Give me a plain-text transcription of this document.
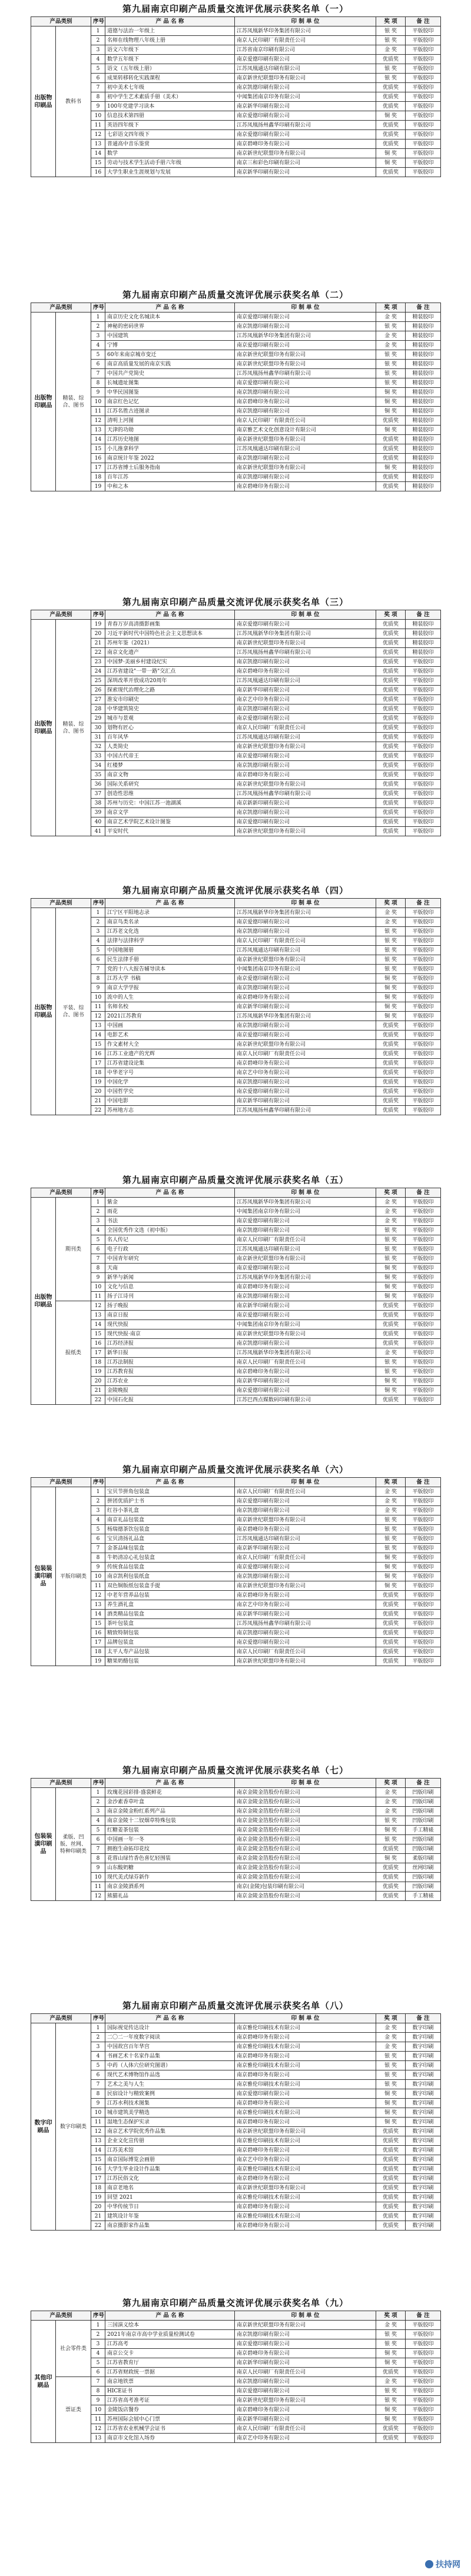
第九届南京印刷产品质量交流评优展示获奖名单（一）
产品类别		序号	产 品 名 称	印 制 单 位	奖 项	备 注
出版物印刷品	教科书	1	道德与法治一年级上	江苏凤凰新华印务集团有限公司	银 奖	平版胶印
		2	名师在线物理八年级上册	南京人民印刷厂有限责任公司	银 奖	平版胶印
		3	语文六年级下	江苏省南京印刷有限公司	金 奖	平版胶印
		4	数学五年级下	南京爱德印刷有限公司	优质奖	平版胶印
		5	语文（五年级上册）	江苏凤凰通达印刷有限公司	银 奖	平版胶印
		6	成果转移转化实践课程	南京新世纪联盟印务有限公司	银 奖	平版胶印
		7	初中美术七年级	南京凯德印刷有限公司	优质奖	平版胶印
		8	初中学生艺术素质手册（美术）	中闻集团南京印务有限公司	优质奖	平版胶印
		9	100年党建学习读本	南京新华印刷有限公司	优质奖	平版胶印
		10	信息技术第四册	南京爱德印刷有限公司	铜 奖	平版胶印
		11	英语四年级下	江苏凤凰扬州鑫华印刷有限公司	优质奖	平版胶印
		12	七彩语文四年级下	南京爱德印刷有限公司	优质奖	平版胶印
		13	普通高中音乐鉴赏	南京碧峰印务有限公司	优质奖	平版胶印
		14	数学	南京新世纪联盟印务有限公司	铜 奖	平版胶印
		15	劳动与技术学生活动手册六年级	南京三和彩色印刷有限公司	铜 奖	平版胶印
		16	大学生职业生涯规划与发展	南京新华印刷有限公司	优质奖	平版胶印
第九届南京印刷产品质量交流评优展示获奖名单（二）
产品类别		序号	产 品 名 称	印 制 单 位	奖 项	备 注
出版物印刷品	精装、综合、图书	1	南京历史文化名城读本	南京爱德印刷有限公司	金 奖	精装胶印
		2	神秘的密码世界	南京凯德印刷有限公司	银 奖	精装胶印
		3	中国建筑	江苏凤凰新华印务集团有限公司	金 奖	精装胶印
		4	宁博	南京爱德印刷有限公司	金 奖	精装胶印
		5	60年来南京城市变迁	南京新世纪联盟印务有限公司	银 奖	精装胶印
		6	南京高质量发展的南京实践	南京新世纪联盟印务有限公司	银 奖	精装胶印
		7	中国共产党简史	江苏凤凰扬州鑫华印刷有限公司	银 奖	精装胶印
		8	长城遗址图集	南京爱德印刷有限公司	银 奖	精装胶印
		9	中华民国图鉴	南京凯德印刷有限公司	铜 奖	精装胶印
		10	南京红色记忆	南京碧峰印务有限公司	铜 奖	精装胶印
		11	江苏名胜古迹图录	南京凯德印刷有限公司	铜 奖	精装胶印
		12	清明上河图	南京人民印刷厂有限责任公司	优质奖	精装胶印
		13	天津的功勋	南京雅艺术文化创意设计有限公司	铜 奖	精装胶印
		14	江苏历史地图	南京新世纪联盟印务有限公司	优质奖	精装胶印
		15	小儿推拿科学	江苏凤凰通达印刷有限公司	优质奖	精装胶印
		16	南京统计年鉴 2022	南京凯德印刷有限公司	优质奖	精装胶印
		17	江苏省博士后服务指南	南京新世纪联盟印务有限公司	铜 奖	精装胶印
		18	百年江苏	南京凯德印刷有限公司	优质奖	精装胶印
		19	中和之本	南京碧峰印务有限公司	优质奖	精装胶印
第九届南京印刷产品质量交流评优展示获奖名单（三）
产品类别		序号	产 品 名 称	印 制 单 位	奖 项	备 注
出版物印刷品	精装、综合、图书	19	青春万岁高清摄影画集	南京爱德印刷有限公司	优质奖	精装胶印
		20	习近平新时代中国特色社会主义思想读本	江苏凤凰新华印务集团有限公司	优质奖	精装胶印
		21	苏州年鉴（2021）	南京新世纪联盟印务有限公司	优质奖	精装胶印
		22	南京文化遗产	江苏凤凰扬州鑫华印刷有限公司	优质奖	精装胶印
		23	中国梦·美丽乡村建设纪实	南京凯德印刷有限公司	优质奖	平版胶印
		24	江苏省建设"一带一路"交汇点	南京碧峰印务有限公司	优质奖	平版胶印
		25	深圳改革开放成功20周年	江苏凤凰通达印刷有限公司	优质奖	平版胶印
		26	探索现代治理化之路	南京新华印刷有限公司	优质奖	平版胶印
		27	淮安市印刷史	南京艺中印务有限公司	优质奖	平版胶印
		28	中华建筑简史	南京凯德印刷有限公司	优质奖	平版胶印
		29	城市与景观	南京爱德印刷有限公司	优质奖	平版胶印
		30	划物有匠心	南京人民印刷厂有限责任公司	优质奖	平版胶印
		31	百年风华	江苏凤凰通达印刷有限公司	优质奖	平版胶印
		32	人类简史	南京新世纪联盟印务有限公司	优质奖	平版胶印
		33	中国古代帝王	南京爱德印刷有限公司	优质奖	平版胶印
		34	红楼梦	南京凯德印刷有限公司	优质奖	平版胶印
		35	南京文物	南京碧峰印务有限公司	优质奖	平版胶印
		36	国际关系研究	南京新世纪联盟印务有限公司	优质奖	平版胶印
		37	创造性思维	江苏凤凰扬州鑫华印刷有限公司	优质奖	平版胶印
		38	苏州与历史：中国江苏一池湖溪	南京新新印刷有限公司	优质奖	平版胶印
		39	南京文学	南京凯德印刷有限公司	优质奖	平版胶印
		40	南京艺术学院艺术设计图鉴	南京爱德印刷有限公司	优质奖	平版胶印
		41	平安时代	南京新世纪联盟印务有限公司	优质奖	平版胶印
第九届南京印刷产品质量交流评优展示获奖名单（四）
产品类别		序号	产 品 名 称	印 制 单 位	奖 项	备 注
出版物印刷品	平装、综合、图书	1	江宁区平阳地志录	江苏凤凰新华印务集团有限公司	金 奖	平版胶印
		2	南京鸟类名录	南京爱德印刷有限公司	金 奖	平版胶印
		3	江苏老文化选	南京凯德印刷有限公司	银 奖	平版胶印
		4	法律与法律科学	南京人民印刷厂有限责任公司	银 奖	平版胶印
		5	中国地图册	江苏凤凰通达印刷有限公司	银 奖	平版胶印
		6	民生法律手册	南京新世纪联盟印务有限公司	银 奖	平版胶印
		7	党的十八大报告辅导读本	中闻集团南京印务有限公司	银 奖	平版胶印
		8	江苏大学 书稿	南京爱德印刷有限公司	铜 奖	平版胶印
		9	南京大学学报	南京凯德印刷有限公司	铜 奖	平版胶印
		10	流中的人生	南京碧峰印务有限公司	铜 奖	平版胶印
		11	名师名校	南京新华印刷有限公司	铜 奖	平版胶印
		12	2021江苏教育	江苏凤凰新华印务集团有限公司	铜 奖	平版胶印
		13	中国画	南京凯德印刷有限公司	优质奖	平版胶印
		14	电影艺术	南京爱德印刷有限公司	优质奖	平版胶印
		15	作文素材大全	南京新世纪联盟印务有限公司	优质奖	平版胶印
		16	江苏工业遗产的光辉	南京人民印刷厂有限责任公司	优质奖	平版胶印
		17	江苏省建设论集	南京碧峰印务有限公司	优质奖	平版胶印
		18	中华老字号	南京艺中印务有限公司	优质奖	平版胶印
		19	中国化学	南京凯德印刷有限公司	优质奖	平版胶印
		20	中国哲学史	南京爱德印刷有限公司	优质奖	平版胶印
		21	中国电影	南京新华印刷有限公司	优质奖	平版胶印
		22	苏州地方志	江苏凤凰扬州鑫华印刷有限公司	优质奖	平版胶印
第九届南京印刷产品质量交流评优展示获奖名单（五）
产品类别		序号	产 品 名 称	印 制 单 位	奖 项	备 注
出版物印刷品	期刊类	1	紫金	江苏凤凰新华印务集团有限公司	金 奖	平版胶印
		2	雨花	中闻集团南京印务有限公司	金 奖	平版胶印
		3	书法	南京爱德印刷有限公司	金 奖	平版胶印
		4	全国优秀作文选（初中版）	南京凯德印刷有限公司	银 奖	平版胶印
		5	名人传记	南京人民印刷厂有限责任公司	银 奖	平版胶印
		6	电子行政	江苏凤凰通达印刷有限公司	银 奖	平版胶印
		7	中国青年研究	南京新世纪联盟印务有限公司	银 奖	平版胶印
		8	天南	南京爱德印刷有限公司	铜 奖	平版胶印
		9	新华与新闻	江苏凤凰新华印务集团有限公司	铜 奖	平版胶印
		10	文化与信息	南京碧峰印务有限公司	铜 奖	平版胶印
		11	扬子江诗刊	南京凯德印刷有限公司	铜 奖	平版胶印
	报纸类	12	扬子晚报	南京新华印刷有限公司	优质奖	平版胶印
		13	南京日报	南京爱德印刷有限公司	优质奖	平版胶印
		14	现代快报	中闻集团南京印务有限公司	优质奖	平版胶印
		15	现代快报·南京	南京新世纪联盟印务有限公司	优质奖	平版胶印
		16	江苏经济报	南京凯德印刷有限公司	优质奖	平版胶印
		17	新华日报	江苏凤凰新华印务集团有限公司	金 奖	平版胶印
		18	江苏法制报	南京人民印刷厂有限责任公司	银 奖	平版胶印
		19	江苏教育报	南京碧峰印务有限公司	银 奖	平版胶印
		20	江苏农业	南京新华印刷有限公司	铜 奖	平版胶印
		21	金陵晚报	南京爱德印刷有限公司	铜 奖	平版胶印
		22	中国石化报	江苏巴西点媒数码印刷有限公司	优质奖	平版胶印
第九届南京印刷产品质量交流评优展示获奖名单（六）
产品类别		序号	产 品 名 称	印 制 单 位	奖 项	备 注
包装装潢印刷品	平版印刷类	1	宝贝节拼角包装盒	南京人民印刷厂有限责任公司	金 奖	平版胶印
		2	拼团优质护士书	南京爱德印刷有限公司	金 奖	平版胶印
		3	红谷小茶礼盒	南京凯德印刷有限公司	金 奖	平版胶印
		4	南京礼品包装盒	南京新世纪联盟印务有限公司	银 奖	平版胶印
		5	杨瑞德茶饮包装盒	南京碧峰印务有限公司	银 奖	平版胶印
		6	宝贝清扬礼品盒	江苏凤凰通达印刷有限公司	银 奖	平版胶印
		7	金茶品味包装盒	南京新华印刷有限公司	银 奖	平版胶印
		8	牛奶清凉心礼包装盒	南京人民印刷厂有限责任公司	铜 奖	平版胶印
		9	传统食品包装盒	南京爱德印刷有限公司	铜 奖	平版胶印
		10	南京凯利包装纸盒	南京凯德印刷有限公司	铜 奖	平版胶印
		11	双色铜版纸包装盒手提	南京新世纪联盟印务有限公司	铜 奖	平版胶印
		12	中老年营养品包装	南京碧峰印务有限公司	优质奖	平版胶印
		13	养生酒礼盒	南京艺中印务有限公司	优质奖	平版胶印
		14	酒类精品包装盒	南京新华印刷有限公司	优质奖	平版胶印
		15	茶叶包装盒	江苏凤凰扬州鑫华印刷有限公司	优质奖	平版胶印
		16	精致特制包装	南京凯德印刷有限公司	优质奖	平版胶印
		17	品牌包装盒	南京爱德印刷有限公司	优质奖	平版胶印
		18	太平人寿产品包装	南京人民印刷厂有限责任公司	优质奖	平版胶印
		19	糖果奶酪包装	南京新世纪联盟印务有限公司	优质奖	平版胶印
第九届南京印刷产品质量交流评优展示获奖名单（七）
产品类别		序号	产 品 名 称	印 制 单 位	奖 项	备 注
包装装潢印刷品	柔版、凹版、丝网、特种印刷类	1	玫瑰花园彩排·盛裳鲜花	南京金陵金箔股份有限公司	金 奖	凹版印刷
		2	金沙素香草叶盒	南京金陵金箔股份有限公司	金 奖	凹版印刷
		3	南京金陵金粉红系列产品	南京金陵金箔股份有限公司	金 奖	凹版印刷
		4	南京金陵十二钗烟草特殊包装	南京金陵金箔股份有限公司	银 奖	凹版印刷
		5	红糖姜茶包装	南京金陵金箔股份有限公司	铜 奖	手工精裱
		6	中国画一年一冬	南京金陵金箔股份有限公司	银 奖	凹版印刷
		7	拥抱生命拓印花纹	南京金陵金箔股份有限公司	优质奖	凹版印刷
		8	花蓉山绿竹香色喜忆轻围装	南京金陵金箔股份有限公司	铜 奖	柔版印刷
		9	山东酸奶糖	南京金陵金箔股份有限公司	优质奖	丝网印刷
		10	现代美式绿芬新作	南京金陵金箔股份有限公司	优质奖	凹版印刷
		11	南京金陵酒系列	南京(金陵)包装印刷有限公司	优质奖	凹版印刷
		12	熊猫礼品	南京金陵金箔股份有限公司	优质奖	手工精裱
第九届南京印刷产品质量交流评优展示获奖名单（八）
产品类别		序号	产 品 名 称	印 制 单 位	奖 项	备 注
数字印刷品	数字印刷类	1	国际视觉传达设计	南京雅伦印刷技术有限公司	金 奖	数字印刷
		2	二〇二一年度数字阅读	南京碧峰印务有限公司	金 奖	数字印刷
		3	中国故宫百年华宫	南京雅伦印刷技术有限公司	金 奖	数字印刷
		4	书画艺术十名家作品集	南京碧峰印务有限公司	银 奖	数字印刷
		5	中药（人体穴位研究图谱）	南京雅伦印刷技术有限公司	银 奖	数字印刷
		6	现代艺术博物馆作品选	南京碧峰印务有限公司	银 奖	数字印刷
		7	艺术之美与人生	南京雅伦印刷技术有限公司	银 奖	数字印刷
		8	民宿设计与精致案例	南京爱德印刷有限公司	铜 奖	数字印刷
		9	江苏水利技术图集	南京碧峰印务有限公司	铜 奖	数字印刷
		10	城市建筑美学精选	南京雅伦印刷技术有限公司	铜 奖	数字印刷
		11	湿地生态保护实录	南京碧峰印务有限公司	铜 奖	数字印刷
		12	南京艺术学院优秀作品集	南京新世纪联盟印务有限公司	优质奖	数字印刷
		13	企业文化宣传册	南京雅伦印刷技术有限公司	优质奖	数字印刷
		14	江苏美术馆	南京碧峰印务有限公司	优质奖	数字印刷
		15	南京国际博览会画册	南京艺中印务有限公司	优质奖	数字印刷
		16	大学生毕业设计作品集	南京雅伦印刷技术有限公司	优质奖	数字印刷
		17	江苏民俗文化	南京碧峰印务有限公司	优质奖	数字印刷
		18	南京老地名	南京新世纪联盟印务有限公司	优质奖	数字印刷
		19	回望 2021	南京雅伦印刷技术有限公司	优质奖	数字印刷
		20	中华传统节日	南京碧峰印务有限公司	优质奖	数字印刷
		21	建筑设计年鉴	南京雅伦印刷技术有限公司	优质奖	数字印刷
		22	南京摄影家作品集	南京碧峰印务有限公司	优质奖	数字印刷
第九届南京印刷产品质量交流评优展示获奖名单（九）
产品类别		序号	产 品 名 称	印 制 单 位	奖 项	备 注
其他印刷品	社会零件类	1	三国演义绘本	南京新世纪联盟印务有限公司	金 奖	平版胶印
		2	2021年南京市高中学业质量检测试卷	南京凯德印刷有限公司	银 奖	平版胶印
		3	江苏高考	南京爱德印刷有限公司	银 奖	平版胶印
		4	南京公交卡	南京碧峰印务有限公司	铜 奖	平版胶印
		5	江苏省教育厅	南京新华印刷有限公司	铜 奖	平版胶印
		6	江苏省财政统一票据	南京人民印刷厂有限责任公司	优质奖	平版胶印
	票证类	7	南京地铁票	南京凯德印刷有限公司	金 奖	平版胶印
		8	HICE证书	南京爱德印刷有限公司	银 奖	平版胶印
		9	江苏省高考准考证	南京新世纪联盟印务有限公司	银 奖	平版胶印
		10	金陵饭店餐券	南京碧峰印务有限公司	铜 奖	平版胶印
		11	苏州国际会展中心门票	南京新华印刷有限公司	铜 奖	平版胶印
		12	江苏省农业机械学会证书	南京人民印刷厂有限责任公司	优质奖	平版胶印
		13	南京市文化馆入场券	南京艺中印务有限公司	优质奖	平版胶印
扶持网
